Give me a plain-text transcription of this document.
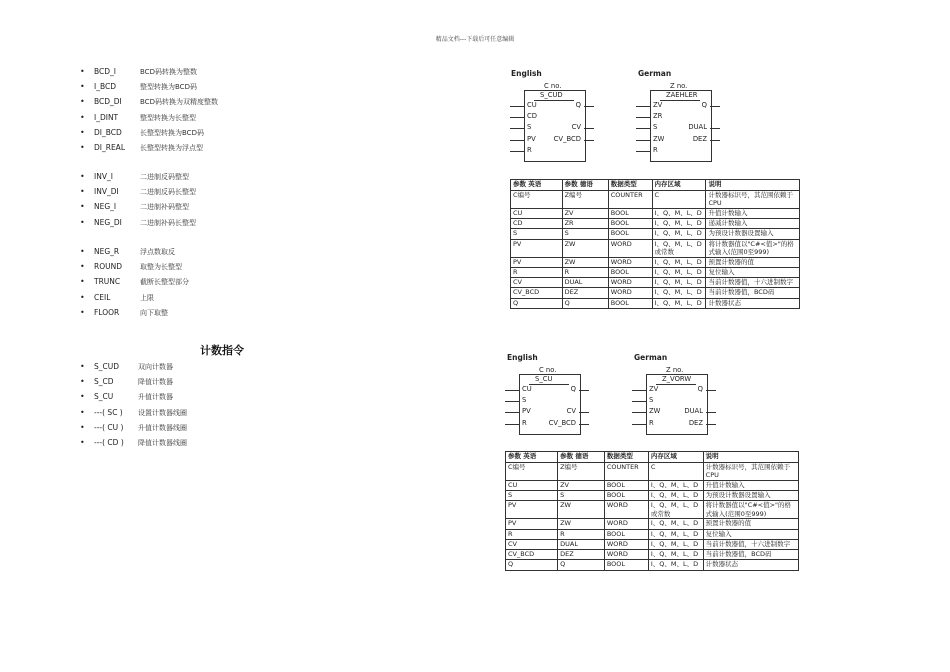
精品文档---下载后可任意编辑
• BCD_I	BCD码转换为整数
• I_BCD	整型转换为BCD码
• BCD_DI	BCD码转换为双精度整数
• I_DINT	整型转换为长整型
• DI_BCD	长整型转换为BCD码
• DI_REAL 长整型转换为浮点型
• INV_I	二进制反码整型
• INV_DI	二进制反码长整型
• NEG_I	二进制补码整型
• NEG_DI	二进制补码长整型
• NEG_R	浮点数取反
• ROUND	取整为长整型
• TRUNC	截断长整型部分
• CEIL	上限
• FLOOR	向下取整
计数指令
• S_CUD	双向计数器
• S_CD	降值计数器
• S_CU	升值计数器
• ---( SC ) 设置计数器线圈
• ---( CU ) 升值计数器线圈
• ---( CD ) 降值计数器线圈
English	German
C no.
S_CUD
CU
CD
S
PV
R
Q
CV
CV_BCD
Z no.
ZAEHLER
ZV
ZR
S
ZW
R
Q
DUAL
DEZ
参数 英语	参数 德语	数据类型	内存区域	说明
C编号	Z编号	COUNTER	C	计数器标识号，其范围依赖于CPU
CU	ZV	BOOL	I、Q、M、L、D	升值计数输入
CD	ZR	BOOL	I、Q、M、L、D	递减计数输入
S	S	BOOL	I、Q、M、L、D	为预设计数器设置输入
PV	ZW	WORD	I、Q、M、L、D或常数	将计数器值以"C#<值>"的格式输入(范围0至999)
PV	ZW	WORD	I、Q、M、L、D	预置计数器的值
R	R	BOOL	I、Q、M、L、D	复位输入
CV	DUAL	WORD	I、Q、M、L、D	当前计数器值，十六进制数字
CV_BCD	DEZ	WORD	I、Q、M、L、D	当前计数器值，BCD码
Q	Q	BOOL	I、Q、M、L、D	计数器状态
English	German
C no.
S_CU
CU
S
PV
R
Q
CV
CV_BCD
Z no.
Z_VORW
ZV
S
ZW
R
Q
DUAL
DEZ
参数 英语	参数 德语	数据类型	内存区域	说明
C编号	Z编号	COUNTER	C	计数器标识号，其范围依赖于CPU
CU	ZV	BOOL	I、Q、M、L、D	升值计数输入
S	S	BOOL	I、Q、M、L、D	为预设计数器设置输入
PV	ZW	WORD	I、Q、M、L、D或常数	将计数器值以"C#<值>"的格式输入(范围0至999)
PV	ZW	WORD	I、Q、M、L、D	预置计数器的值
R	R	BOOL	I、Q、M、L、D	复位输入
CV	DUAL	WORD	I、Q、M、L、D	当前计数器值，十六进制数字
CV_BCD	DEZ	WORD	I、Q、M、L、D	当前计数器值，BCD码
Q	Q	BOOL	I、Q、M、L、D	计数器状态
